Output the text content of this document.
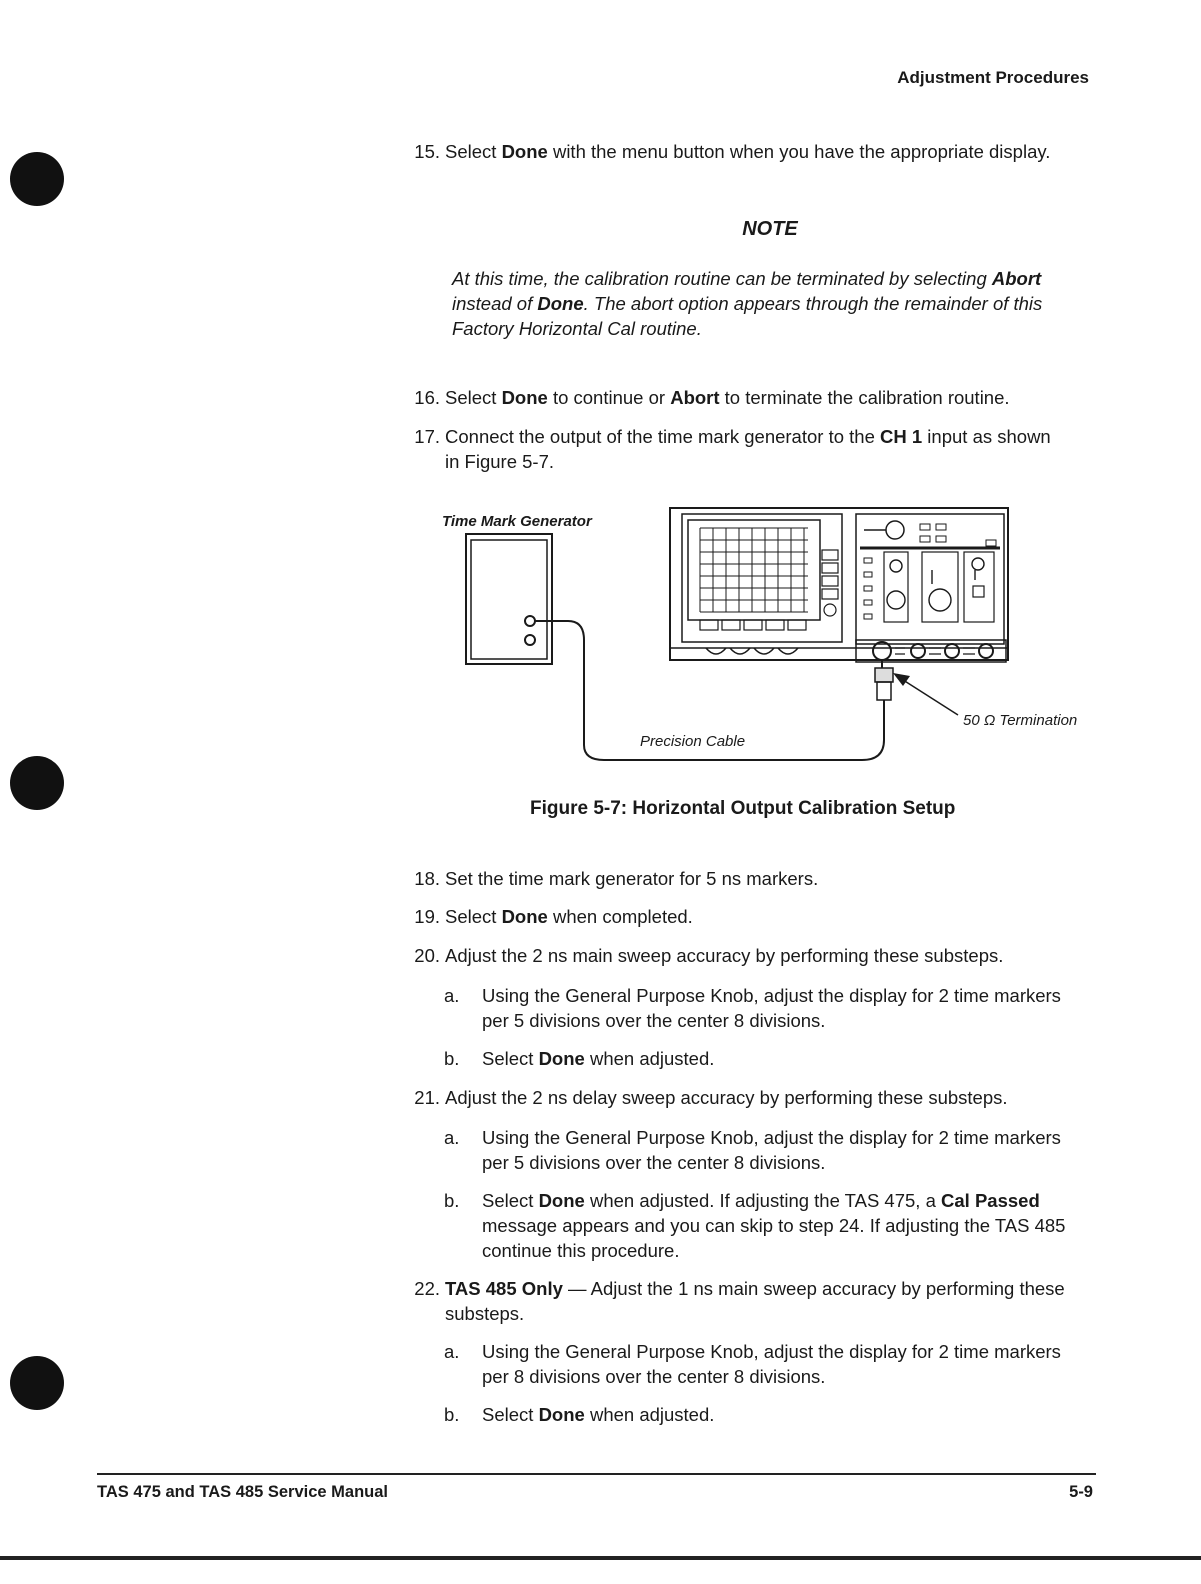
Adjustment Procedures
15. Select Done with the menu button when you have the appropriate display.
NOTE
At this time, the calibration routine can be terminated by selecting Abort instead of Done. The abort option appears through the remainder of this Factory Horizontal Cal routine.
16. Select Done to continue or Abort to terminate the calibration routine.
17. Connect the output of the time mark generator to the CH 1 input as shown in Figure 5-7.
Time Mark Generator
Precision Cable
50 Ω Termination
Figure 5-7: Horizontal Output Calibration Setup
18. Set the time mark generator for 5 ns markers.
19. Select Done when completed.
20. Adjust the 2 ns main sweep accuracy by performing these substeps.
a. Using the General Purpose Knob, adjust the display for 2 time markers per 5 divisions over the center 8 divisions.
b. Select Done when adjusted.
21. Adjust the 2 ns delay sweep accuracy by performing these substeps.
a. Using the General Purpose Knob, adjust the display for 2 time markers per 5 divisions over the center 8 divisions.
b. Select Done when adjusted. If adjusting the TAS 475, a Cal Passed message appears and you can skip to step 24. If adjusting the TAS 485 continue this procedure.
22. TAS 485 Only — Adjust the 1 ns main sweep accuracy by performing these substeps.
a. Using the General Purpose Knob, adjust the display for 2 time markers per 8 divisions over the center 8 divisions.
b. Select Done when adjusted.
TAS 475 and TAS 485 Service Manual	5-9
